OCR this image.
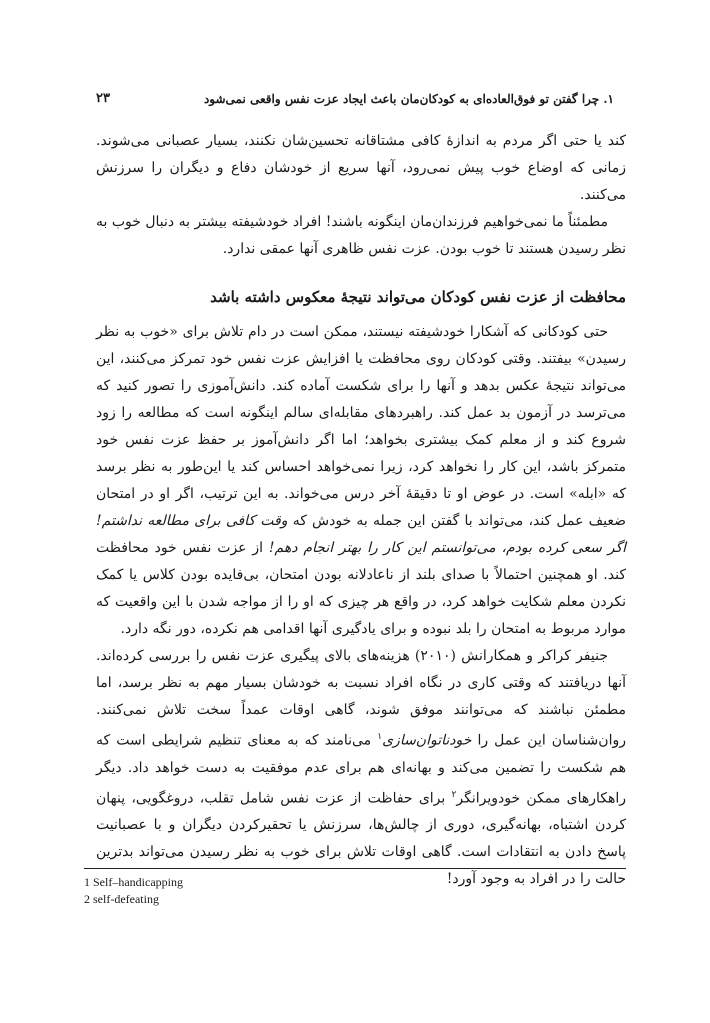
۱. چرا گفتن تو فوق‌العاده‌ای به کودکان‌مان باعث ایجاد عزت نفس واقعی نمی‌شود
۲۳

کند یا حتی اگر مردم به اندازهٔ کافی مشتاقانه تحسین‌شان نکنند، بسیار عصبانی می‌شوند. زمانی که اوضاع خوب پیش نمی‌رود، آنها سریع از خودشان دفاع و دیگران را سرزنش می‌کنند.

مطمئناً ما نمی‌خواهیم فرزندان‌مان اینگونه باشند! افراد خودشیفته بیشتر به دنبال خوب به نظر رسیدن هستند تا خوب بودن. عزت نفس ظاهری آنها عمقی ندارد.

محافظت از عزت نفس کودکان می‌تواند نتیجهٔ معکوس داشته باشد

حتی کودکانی که آشکارا خودشیفته نیستند، ممکن است در دام تلاش برای «خوب به نظر رسیدن» بیفتند. وقتی کودکان روی محافظت یا افزایش عزت نفس خود تمرکز می‌کنند، این می‌تواند نتیجهٔ عکس بدهد و آنها را برای شکست آماده کند. دانش‌آموزی را تصور کنید که می‌ترسد در آزمون بد عمل کند. راهبردهای مقابله‌ای سالم اینگونه است که مطالعه را زود شروع کند و از معلم کمک بیشتری بخواهد؛ اما اگر دانش‌آموز بر حفظ عزت نفس خود متمرکز باشد، این کار را نخواهد کرد، زیرا نمی‌خواهد احساس کند یا این‌طور به نظر برسد که «ابله» است. در عوض او تا دقیقهٔ آخر درس می‌خواند. به این ترتیب، اگر او در امتحان ضعیف عمل کند، می‌تواند با گفتن این جمله به خودش که وقت کافی برای مطالعه نداشتم! اگر سعی کرده بودم، می‌توانستم این کار را بهتر انجام دهم! از عزت نفس خود محافظت کند. او همچنین احتمالاً با صدای بلند از ناعادلانه بودن امتحان، بی‌فایده بودن کلاس یا کمک نکردن معلم شکایت خواهد کرد، در واقع هر چیزی که او را از مواجه شدن با این واقعیت که موارد مربوط به امتحان را بلد نبوده و برای یادگیری آنها اقدامی هم نکرده، دور نگه دارد.

جنیفر کراکر و همکارانش (۲۰۱۰) هزینه‌های بالای پیگیری عزت نفس را بررسی کرده‌اند. آنها دریافتند که وقتی کاری در نگاه افراد نسبت به خودشان بسیار مهم به نظر برسد، اما مطمئن نباشند که می‌توانند موفق شوند، گاهی اوقات عمداً سخت تلاش نمی‌کنند. روان‌شناسان این عمل را خودناتوان‌سازی$^۱$ می‌نامند که به معنای تنظیم شرایطی است که هم شکست را تضمین می‌کند و بهانه‌ای هم برای عدم موفقیت به دست خواهد داد. دیگر راهکارهای ممکن خودویرانگر$^۲$ برای حفاظت از عزت نفس شامل تقلب، دروغگویی، پنهان کردن اشتباه، بهانه‌گیری، دوری از چالش‌ها، سرزنش یا تحقیرکردن دیگران و با عصبانیت پاسخ دادن به انتقادات است. گاهی اوقات تلاش برای خوب به نظر رسیدن می‌تواند بدترین حالت را در افراد به وجود آورد!

1 Self–handicapping
2 self-defeating
